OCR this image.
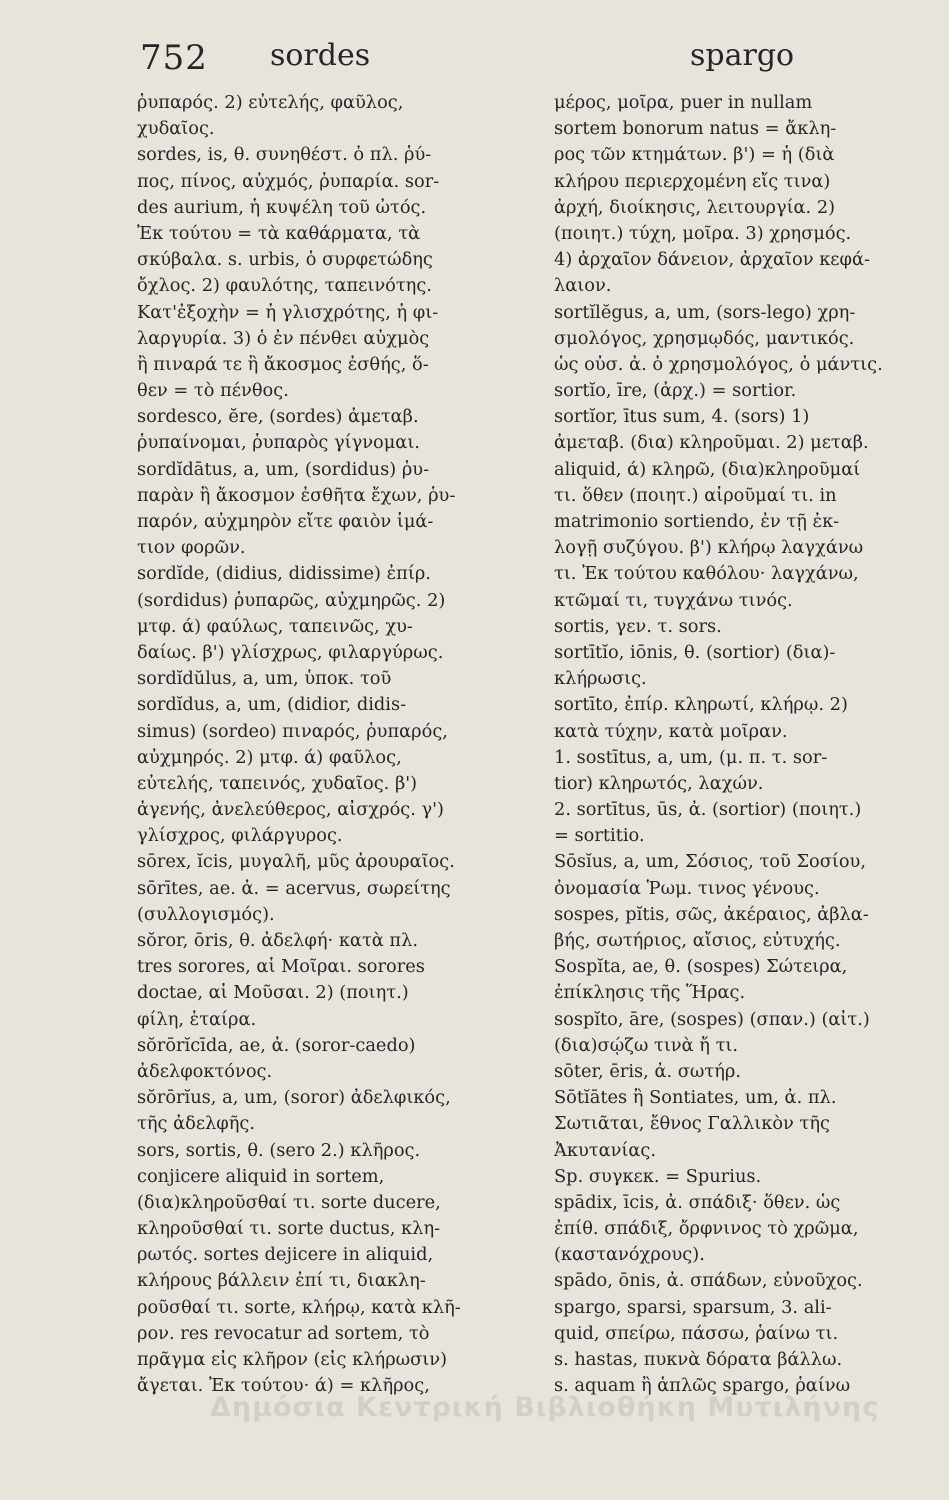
752 sordes	spargo
ῥυπαρός. 2) εὐτελής, φαῦλος,
χυδαῖος.
sordes, is, θ. συνηθέστ. ὁ πλ. ῥύ-
πος, πίνος, αὐχμός, ῥυπαρία. sor-
des aurium, ἡ κυψέλη τοῦ ὠτός.
Ἐκ τούτου = τὰ καθάρματα, τὰ
σκύβαλα. s. urbis, ὁ συρφετώδης
ὄχλος. 2) φαυλότης, ταπεινότης.
Κατ'ἐξοχὴν = ἡ γλισχρότης, ἡ φι-
λαργυρία. 3) ὁ ἐν πένθει αὐχμὸς
ἢ πιναρά τε ἢ ἄκοσμος ἐσθής, ὅ-
θεν = τὸ πένθος.
sordesco, ĕre, (sordes) ἀμεταβ.
ῥυπαίνομαι, ῥυπαρὸς γίγνομαι.
sordĭdātus, a, um, (sordidus) ῥυ-
παρὰν ἢ ἄκοσμον ἐσθῆτα ἔχων, ῥυ-
παρόν, αὐχμηρὸν εἴτε φαιὸν ἱμά-
τιον φορῶν.
sordĭde, (didius, didissime) ἐπίρ.
(sordidus) ῥυπαρῶς, αὐχμηρῶς. 2)
μτφ. ά) φαύλως, ταπεινῶς, χυ-
δαίως. β') γλίσχρως, φιλαργύρως.
sordĭdŭlus, a, um, ὑποκ. τοῦ
sordĭdus, a, um, (didior, didis-
simus) (sordeo) πιναρός, ῥυπαρός,
αὐχμηρός. 2) μτφ. ά) φαῦλος,
εὐτελής, ταπεινός, χυδαῖος. β')
ἀγενής, ἀνελεύθερος, αἰσχρός. γ')
γλίσχρος, φιλάργυρος.
sōrex, ĭcis, μυγαλῆ, μῦς ἀρουραῖος.
sōrītes, ae. ἀ. = acervus, σωρείτης
(συλλογισμός).
sŏror, ōris, θ. ἀδελφή· κατὰ πλ.
tres sorores, αἱ Μοῖραι. sorores
doctae, αἱ Μοῦσαι. 2) (ποιητ.)
φίλη, ἑταίρα.
sŏrōrĭcīda, ae, ἀ. (soror-caedo)
ἀδελφοκτόνος.
sŏrōrĭus, a, um, (soror) ἀδελφικός,
τῆς ἀδελφῆς.
sors, sortis, θ. (sero 2.) κλῆρος.
conjicere aliquid in sortem,
(δια)κληροῦσθαί τι. sorte ducere,
κληροῦσθαί τι. sorte ductus, κλη-
ρωτός. sortes dejicere in aliquid,
κλήρους βάλλειν ἐπί τι, διακλη-
ροῦσθαί τι. sorte, κλήρῳ, κατὰ κλῆ-
ρον. res revocatur ad sortem, τὸ
πρᾶγμα εἰς κλῆρον (εἰς κλήρωσιν)
ἄγεται. Ἐκ τούτου· ά) = κλῆρος,
μέρος, μοῖρα, puer in nullam
sortem bonorum natus = ἄκλη-
ρος τῶν κτημάτων. β') = ἡ (διὰ
κλήρου περιερχομένη εἴς τινα)
ἀρχή, διοίκησις, λειτουργία. 2)
(ποιητ.) τύχη, μοῖρα. 3) χρησμός.
4) ἀρχαῖον δάνειον, ἀρχαῖον κεφά-
λαιον.
sortĭlĕgus, a, um, (sors-lego) χρη-
σμολόγος, χρησμῳδός, μαντικός.
ὡς οὐσ. ἀ. ὁ χρησμολόγος, ὁ μάντις.
sortĭo, īre, (ἀρχ.) = sortior.
sortĭor, ītus sum, 4. (sors) 1)
ἀμεταβ. (δια) κληροῦμαι. 2) μεταβ.
aliquid, ά) κληρῶ, (δια)κληροῦμαί
τι. ὅθεν (ποιητ.) αἱροῦμαί τι. in
matrimonio sortiendo, ἐν τῇ ἐκ-
λογῇ συζύγου. β') κλήρῳ λαγχάνω
τι. Ἐκ τούτου καθόλου· λαγχάνω,
κτῶμαί τι, τυγχάνω τινός.
sortis, γεν. τ. sors.
sortītĭo, iōnis, θ. (sortior) (δια)-
κλήρωσις.
sortīto, ἐπίρ. κληρωτί, κλήρῳ. 2)
κατὰ τύχην, κατὰ μοῖραν.
1. sostītus, a, um, (μ. π. τ. sor-
tior) κληρωτός, λαχών.
2. sortītus, ūs, ἀ. (sortior) (ποιητ.)
= sortitio.
Sōsĭus, a, um, Σόσιος, τοῦ Σοσίου,
ὀνομασία Ῥωμ. τινος γένους.
sospes, pĭtis, σῶς, ἀκέραιος, ἀβλα-
βής, σωτήριος, αἴσιος, εὐτυχής.
Sospĭta, ae, θ. (sospes) Σώτειρα,
ἐπίκλησις τῆς Ἥρας.
sospĭto, āre, (sospes) (σπαν.) (αἰτ.)
(δια)σῴζω τινὰ ἤ τι.
sōter, ēris, ἀ. σωτήρ.
Sōtĭātes ἢ Sontiates, um, ἀ. πλ.
Σωτιᾶται, ἔθνος Γαλλικὸν τῆς
Ἀκυτανίας.
Sp. συγκεκ. = Spurius.
spādix, īcis, ἀ. σπάδιξ· ὅθεν. ὡς
ἐπίθ. σπάδιξ, ὄρφνινος τὸ χρῶμα,
(καστανόχρους).
spādo, ōnis, ἀ. σπάδων, εὐνοῦχος.
spargo, sparsi, sparsum, 3. ali-
quid, σπείρω, πάσσω, ῥαίνω τι.
s. hastas, πυκνὰ δόρατα βάλλω.
s. aquam ἢ ἁπλῶς spargo, ῥαίνω
Δημόσια Κεντρική Βιβλιοθήκη Μυτιλήνης
